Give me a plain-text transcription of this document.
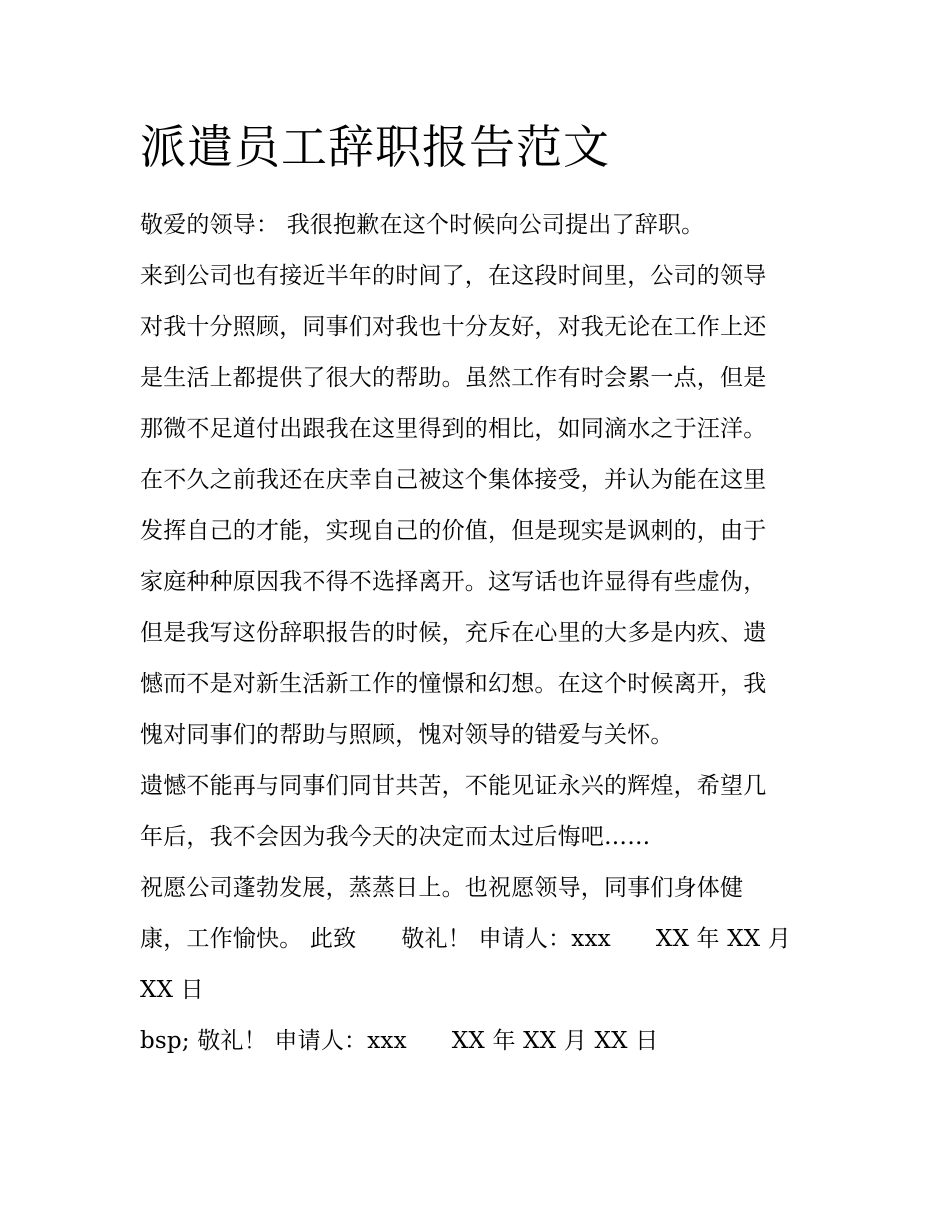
派遣员工辞职报告范文

敬爱的领导： 我很抱歉在这个时候向公司提出了辞职。

来到公司也有接近半年的时间了，在这段时间里，公司的领导
对我十分照顾，同事们对我也十分友好，对我无论在工作上还
是生活上都提供了很大的帮助。虽然工作有时会累一点，但是
那微不足道付出跟我在这里得到的相比，如同滴水之于汪洋。

在不久之前我还在庆幸自己被这个集体接受，并认为能在这里
发挥自己的才能，实现自己的价值，但是现实是讽刺的，由于
家庭种种原因我不得不选择离开。这写话也许显得有些虚伪，
但是我写这份辞职报告的时候，充斥在心里的大多是内疚、遗
憾而不是对新生活新工作的憧憬和幻想。在这个时候离开，我
愧对同事们的帮助与照顾，愧对领导的错爱与关怀。

遗憾不能再与同事们同甘共苦，不能见证永兴的辉煌，希望几
年后，我不会因为我今天的决定而太过后悔吧……

祝愿公司蓬勃发展，蒸蒸日上。也祝愿领导，同事们身体健
康，工作愉快。 此致      敬礼！ 申请人：xxx      XX 年 XX 月
XX 日

bsp; 敬礼！ 申请人：xxx      XX 年 XX 月 XX 日
